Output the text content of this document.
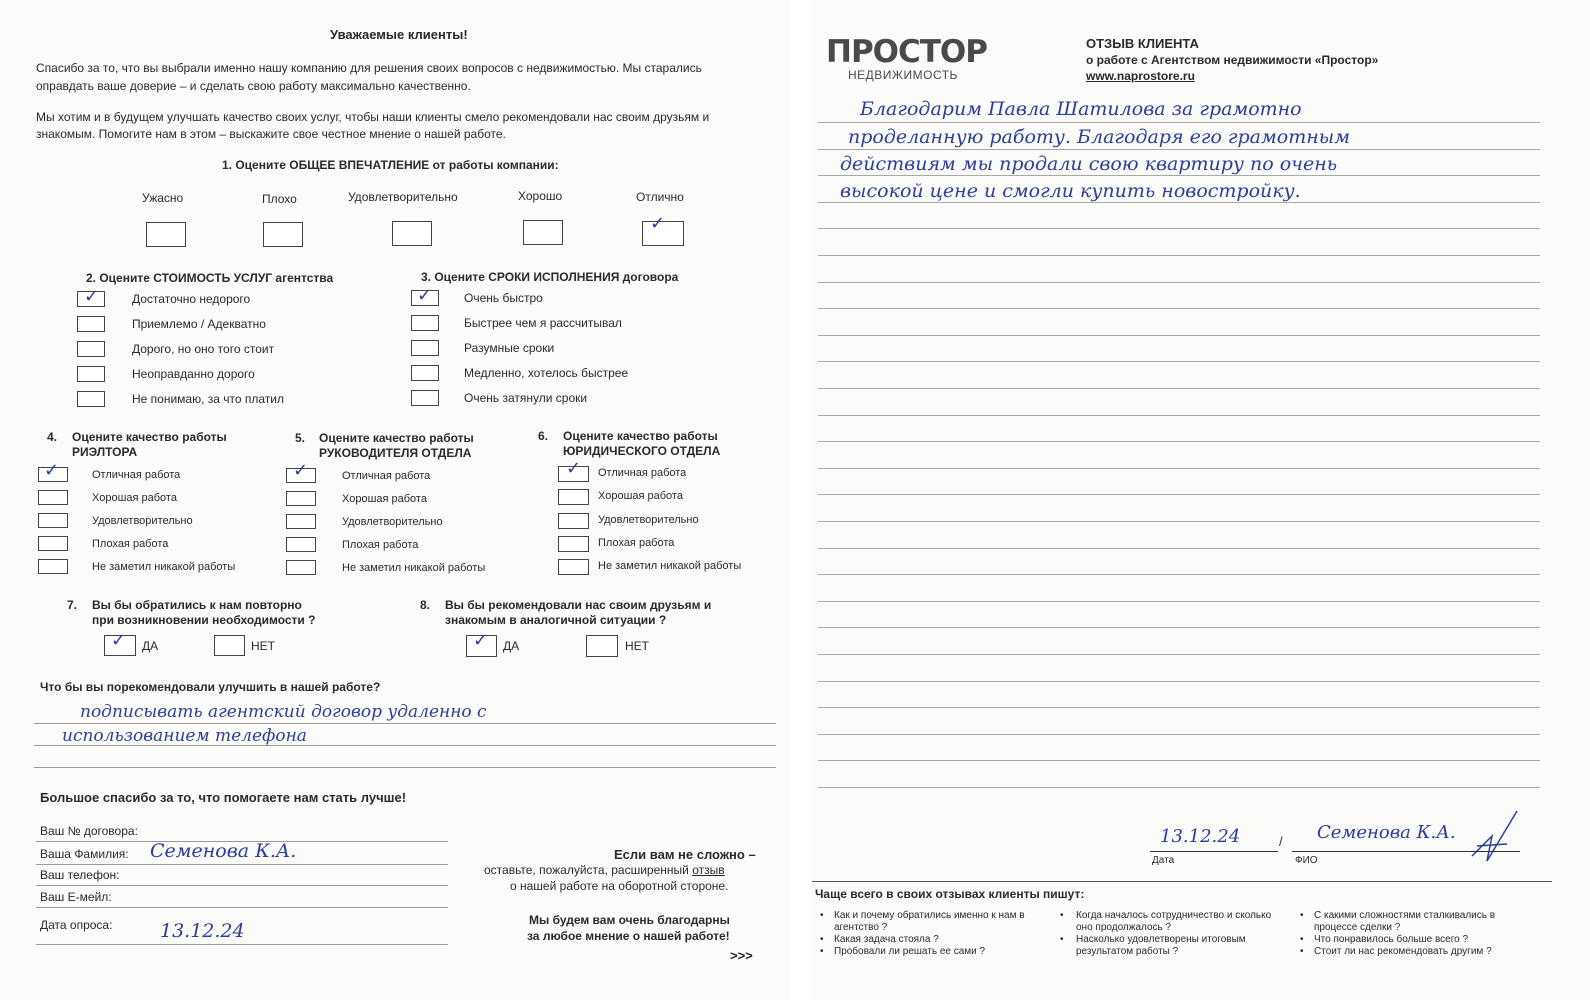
Уважаемые клиенты!
Спасибо за то, что вы выбрали именно нашу компанию для решения своих вопросов с недвижимостью. Мы старались
оправдать ваше доверие – и сделать свою работу максимально качественно.
Мы хотим и в будущем улучшать качество своих услуг, чтобы наши клиенты смело рекомендовали нас своим друзьям и
знакомым. Помогите нам в этом – выскажите свое честное мнение о нашей работе.
1. Оцените ОБЩЕЕ ВПЕЧАТЛЕНИЕ от работы компании:
Ужасно	Плохо	Удовлетворительно	Хорошо	Отлично
✓
2. Оцените СТОИМОСТЬ УСЛУГ агентства
✓	Достаточно недорого
Приемлемо / Адекватно
Дорого, но оно того стоит
Неоправданно дорого
Не понимаю, за что платил
3. Оцените СРОКИ ИСПОЛНЕНИЯ договора
✓	Очень быстро
Быстрее чем я рассчитывал
Разумные сроки
Медленно, хотелось быстрее
Очень затянули сроки
4. Оцените качество работы
РИЭЛТОРА
✓	Отличная работа
Хорошая работа
Удовлетворительно
Плохая работа
Не заметил никакой работы
5. Оцените качество работы
РУКОВОДИТЕЛЯ ОТДЕЛА
✓	Отличная работа
Хорошая работа
Удовлетворительно
Плохая работа
Не заметил никакой работы
6. Оцените качество работы
ЮРИДИЧЕСКОГО ОТДЕЛА
✓ Отличная работа
Хорошая работа
Удовлетворительно
Плохая работа
Не заметил никакой работы
7. Вы бы обратились к нам повторно
при возникновении необходимости ?
✓ ДА	НЕТ
8. Вы бы рекомендовали нас своим друзьям и
знакомым в аналогичной ситуации ?
✓ ДА	НЕТ
Что бы вы порекомендовали улучшить в нашей работе?
подписывать агентский договор удаленно с
использованием телефона
Большое спасибо за то, что помогаете нам стать лучше!
Ваш № договора:
Ваша Фамилия: Семенова К.А.
Ваш телефон:
Ваш Е-мейл:
Дата опроса:	13.12.24
Если вам не сложно –
оставьте, пожалуйста, расширенный отзыв
о нашей работе на оборотной стороне.
Мы будем вам очень благодарны
за любое мнение о нашей работе!
>>>
ПРОСТОР
НЕДВИЖИМОСТЬ
ОТЗЫВ КЛИЕНТА
о работе с Агентством недвижимости «Простор»
www.naprostore.ru
Благодарим Павла Шатилова за грамотно
проделанную работу. Благодаря его грамотным
действиям мы продали свою квартиру по очень
высокой цене и смогли купить новостройку.
13.12.24	/ Семенова К.А.
Дата	ФИО
Чаще всего в своих отзывах клиенты пишут:
• Как и почему обратились именно к нам в агентство ?
• Какая задача стояла ?
• Пробовали ли решать ее сами ?
• Когда началось сотрудничество и сколько оно продолжалось ?
• Насколько удовлетворены итоговым результатом работы ?
• С какими сложностями сталкивались в процессе сделки ?
• Что понравилось больше всего ?
• Стоит ли нас рекомендовать другим ?
